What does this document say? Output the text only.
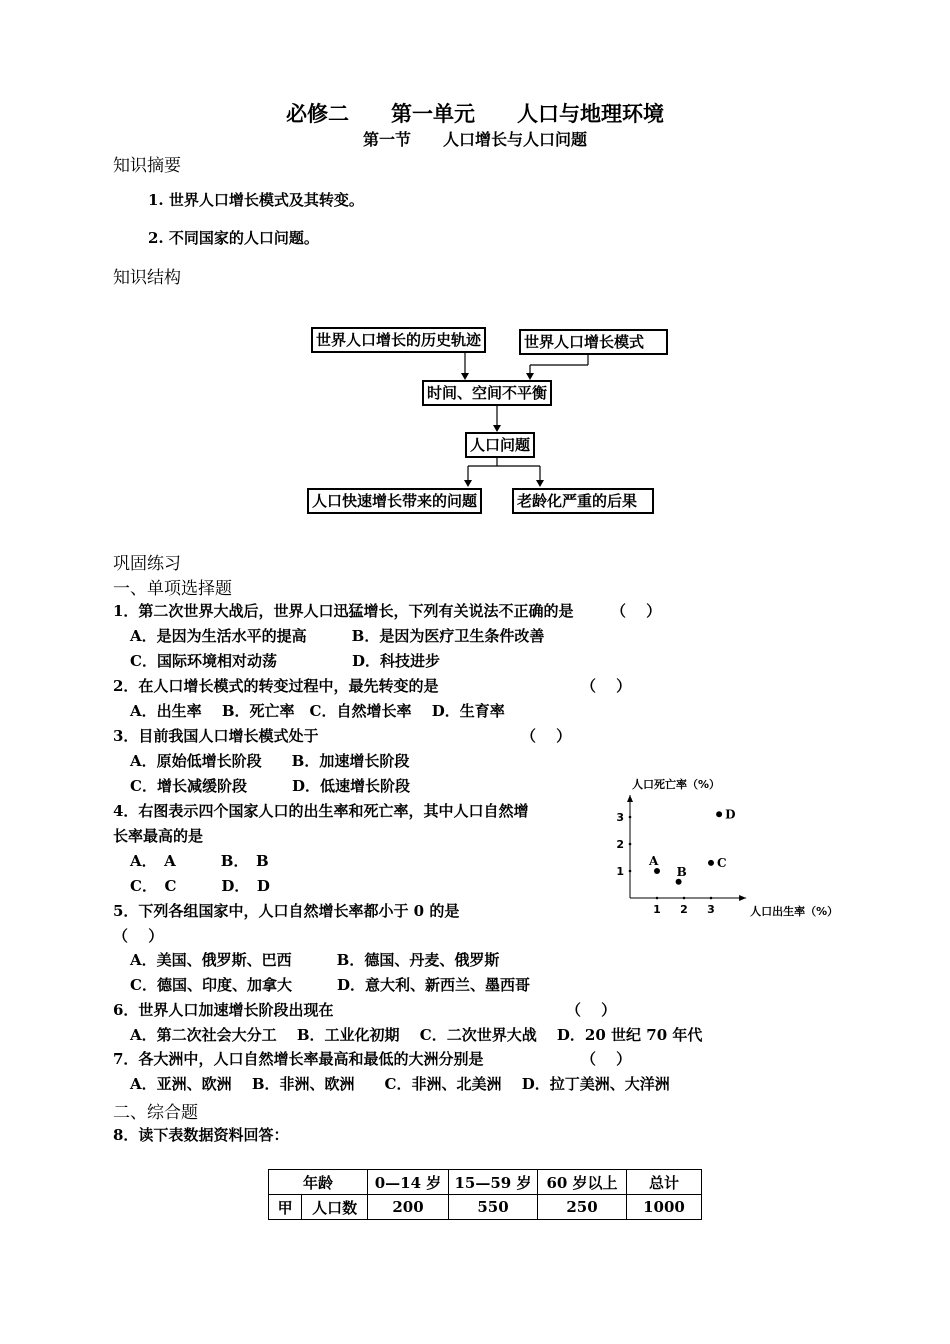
必修二　　第一单元　　人口与地理环境
第一节　　人口增长与人口问题
知识摘要
1. 世界人口增长模式及其转变。
2. 不同国家的人口问题。
知识结构
世界人口增长的历史轨迹	世界人口增长模式
时间、空间不平衡
人口问题
人口快速增长带来的问题	老龄化严重的后果
巩固练习
一、单项选择题
1．第二次世界大战后，世界人口迅猛增长，下列有关说法不正确的是　　　（　 ）
A．是因为生活水平的提高　　　B．是因为医疗卫生条件改善
C．国际环境相对动荡　　　　　D．科技进步
2．在人口增长模式的转变过程中，最先转变的是　　　　　　　　　　（　 ）
A．出生率　 B．死亡率　C．自然增长率　 D．生育率
3．目前我国人口增长模式处于　　　　　　　　　　　　　　（　 ）
A．原始低增长阶段　　B．加速增长阶段
C．增长减缓阶段　　　D．低速增长阶段
4．右图表示四个国家人口的出生率和死亡率，其中人口自然增
长率最高的是
A．　A　　　B．　B
C．　C　　　D．　D
5．下列各组国家中，人口自然增长率都小于 0 的是
（　 ）
A．美国、俄罗斯、巴西　　　B．德国、丹麦、俄罗斯
C．德国、印度、加拿大　　　D．意大利、新西兰、墨西哥
6．世界人口加速增长阶段出现在　　　　　　　　　　　　　　　　（　 ）
A．第二次社会大分工　 B．工业化初期　 C．二次世界大战　 D．20 世纪 70 年代
7．各大洲中，人口自然增长率最高和最低的大洲分别是　　　　　　　（　 ）
A．亚洲、欧洲　 B．非洲、欧洲　　C．非洲、北美洲　 D．拉丁美洲、大洋洲
二、综合题
8．读下表数据资料回答：
1 2 3
1
2
3
人口死亡率（%）
人口出生率（%）
A
B
C
D
年龄		0—14 岁	15—59 岁	60 岁以上	总计
甲	人口数	200	550	250	1000
